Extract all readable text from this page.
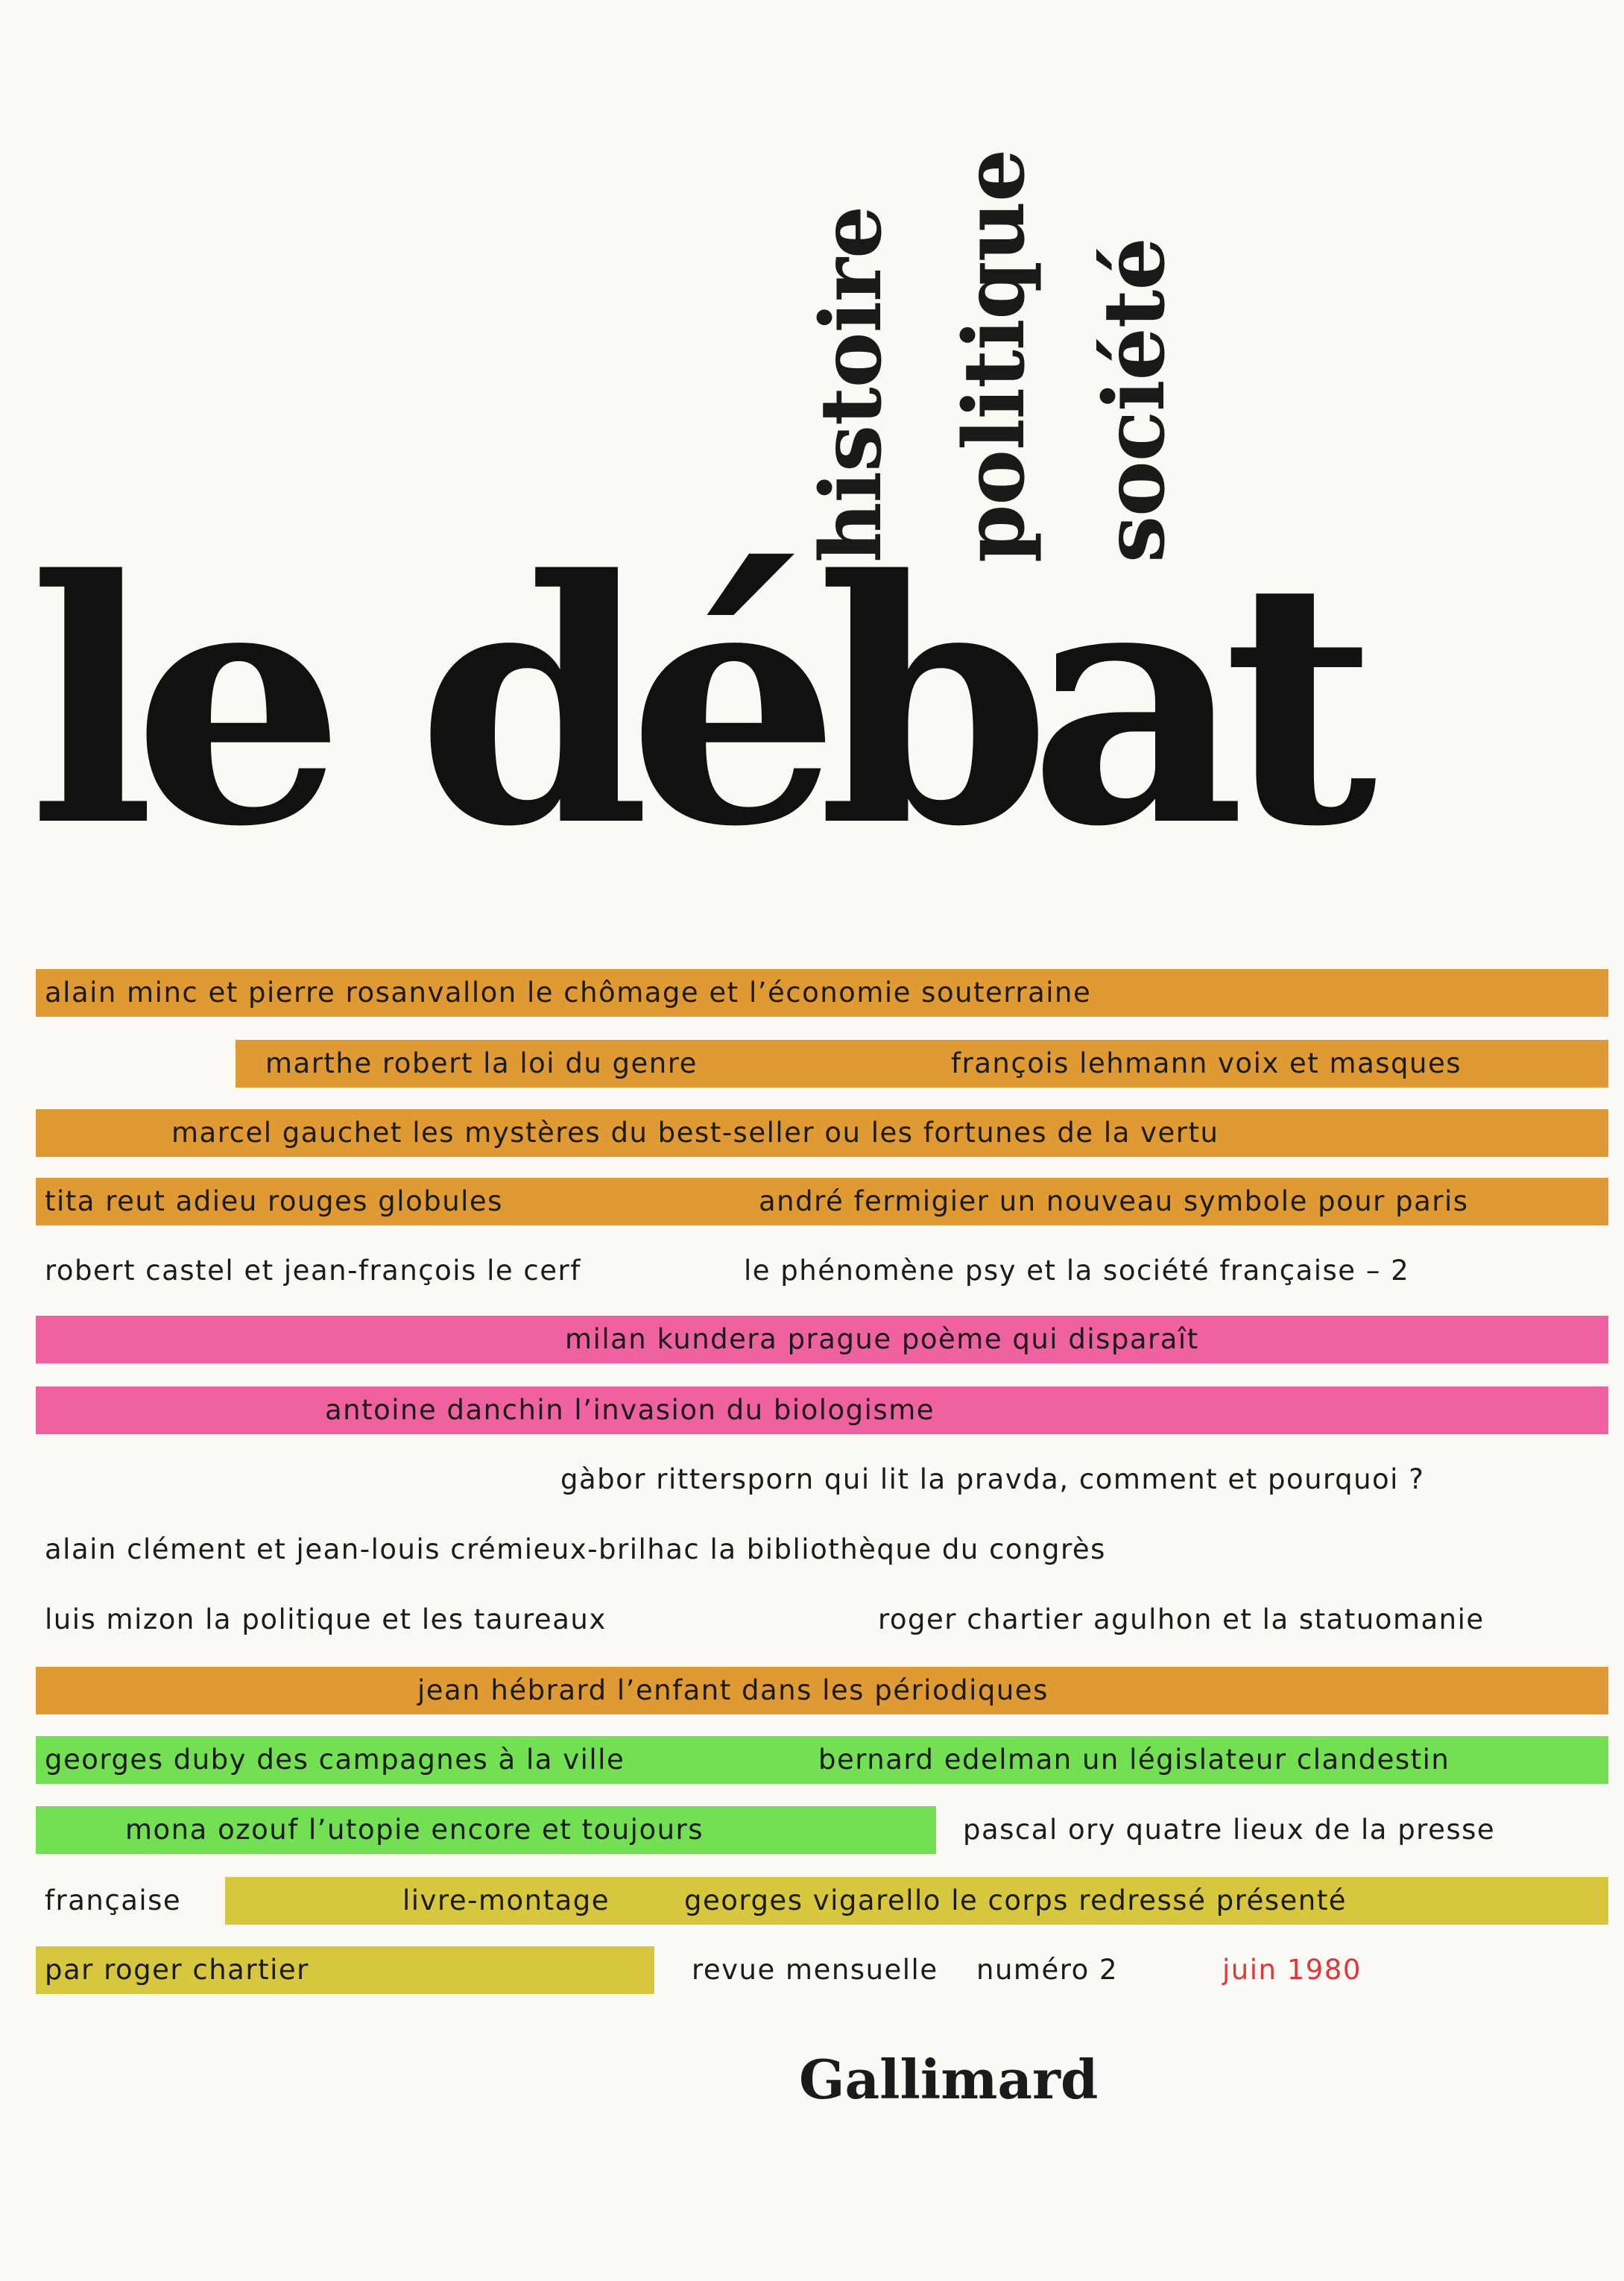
histoire politique société
le débat
alain minc et pierre rosanvallon le chômage et l’économie souterraine
marthe robert la loi du genre	françois lehmann voix et masques
marcel gauchet les mystères du best-seller ou les fortunes de la vertu
tita reut adieu rouges globules	andré fermigier un nouveau symbole pour paris
robert castel et jean-françois le cerf	le phénomène psy et la société française – 2
milan kundera prague poème qui disparaît
antoine danchin l’invasion du biologisme
gàbor rittersporn qui lit la pravda, comment et pourquoi ?
alain clément et jean-louis crémieux-brilhac la bibliothèque du congrès
luis mizon la politique et les taureaux	roger chartier agulhon et la statuomanie
jean hébrard l’enfant dans les périodiques
georges duby des campagnes à la ville	bernard edelman un législateur clandestin
mona ozouf l’utopie encore et toujours	pascal ory quatre lieux de la presse
française	livre-montage	georges vigarello le corps redressé présenté
par roger chartier	revue mensuelle numéro 2	juin 1980
Gallimard
